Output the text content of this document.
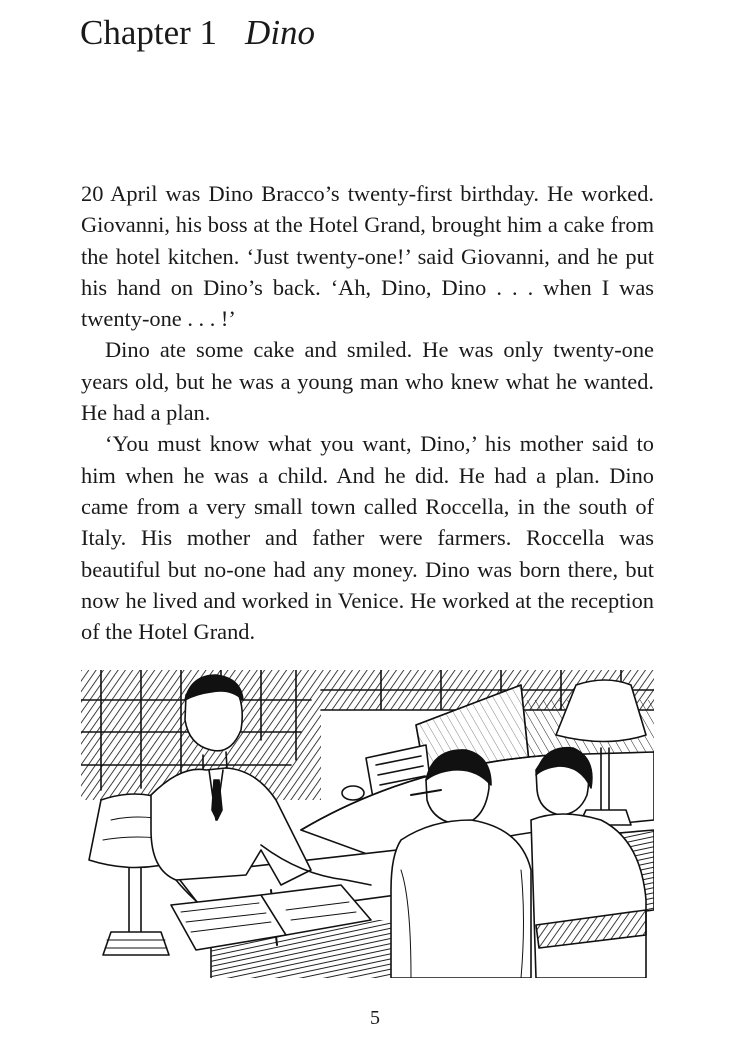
Chapter 1 Dino

20 April was Dino Bracco’s twenty-first birthday. He worked. Giovanni, his boss at the Hotel Grand, brought him a cake from the hotel kitchen. ‘Just twenty-one!’ said Giovanni, and he put his hand on Dino’s back. ‘Ah, Dino, Dino . . . when I was twenty-one . . . !’

Dino ate some cake and smiled. He was only twenty-one years old, but he was a young man who knew what he wanted. He had a plan.

‘You must know what you want, Dino,’ his mother said to him when he was a child. And he did. He had a plan. Dino came from a very small town called Roccella, in the south of Italy. His mother and father were farmers. Roccella was beautiful but no-one had any money. Dino was born there, but now he lived and worked in Venice. He worked at the reception of the Hotel Grand.

5
